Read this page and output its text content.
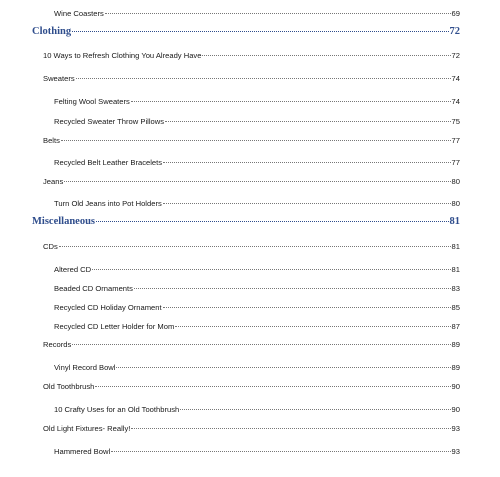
Wine Coasters	69
Clothing	72
10 Ways to Refresh Clothing You Already Have	72
Sweaters	74
Felting Wool Sweaters	74
Recycled Sweater Throw Pillows	75
Belts	77
Recycled Belt Leather Bracelets	77
Jeans	80
Turn Old Jeans into Pot Holders	80
Miscellaneous	81
CDs	81
Altered CD	81
Beaded CD Ornaments	83
Recycled CD Holiday Ornament	85
Recycled CD Letter Holder for Mom	87
Records	89
Vinyl Record Bowl	89
Old Toothbrush	90
10 Crafty Uses for an Old Toothbrush	90
Old Light Fixtures- Really!	93
Hammered Bowl	93
